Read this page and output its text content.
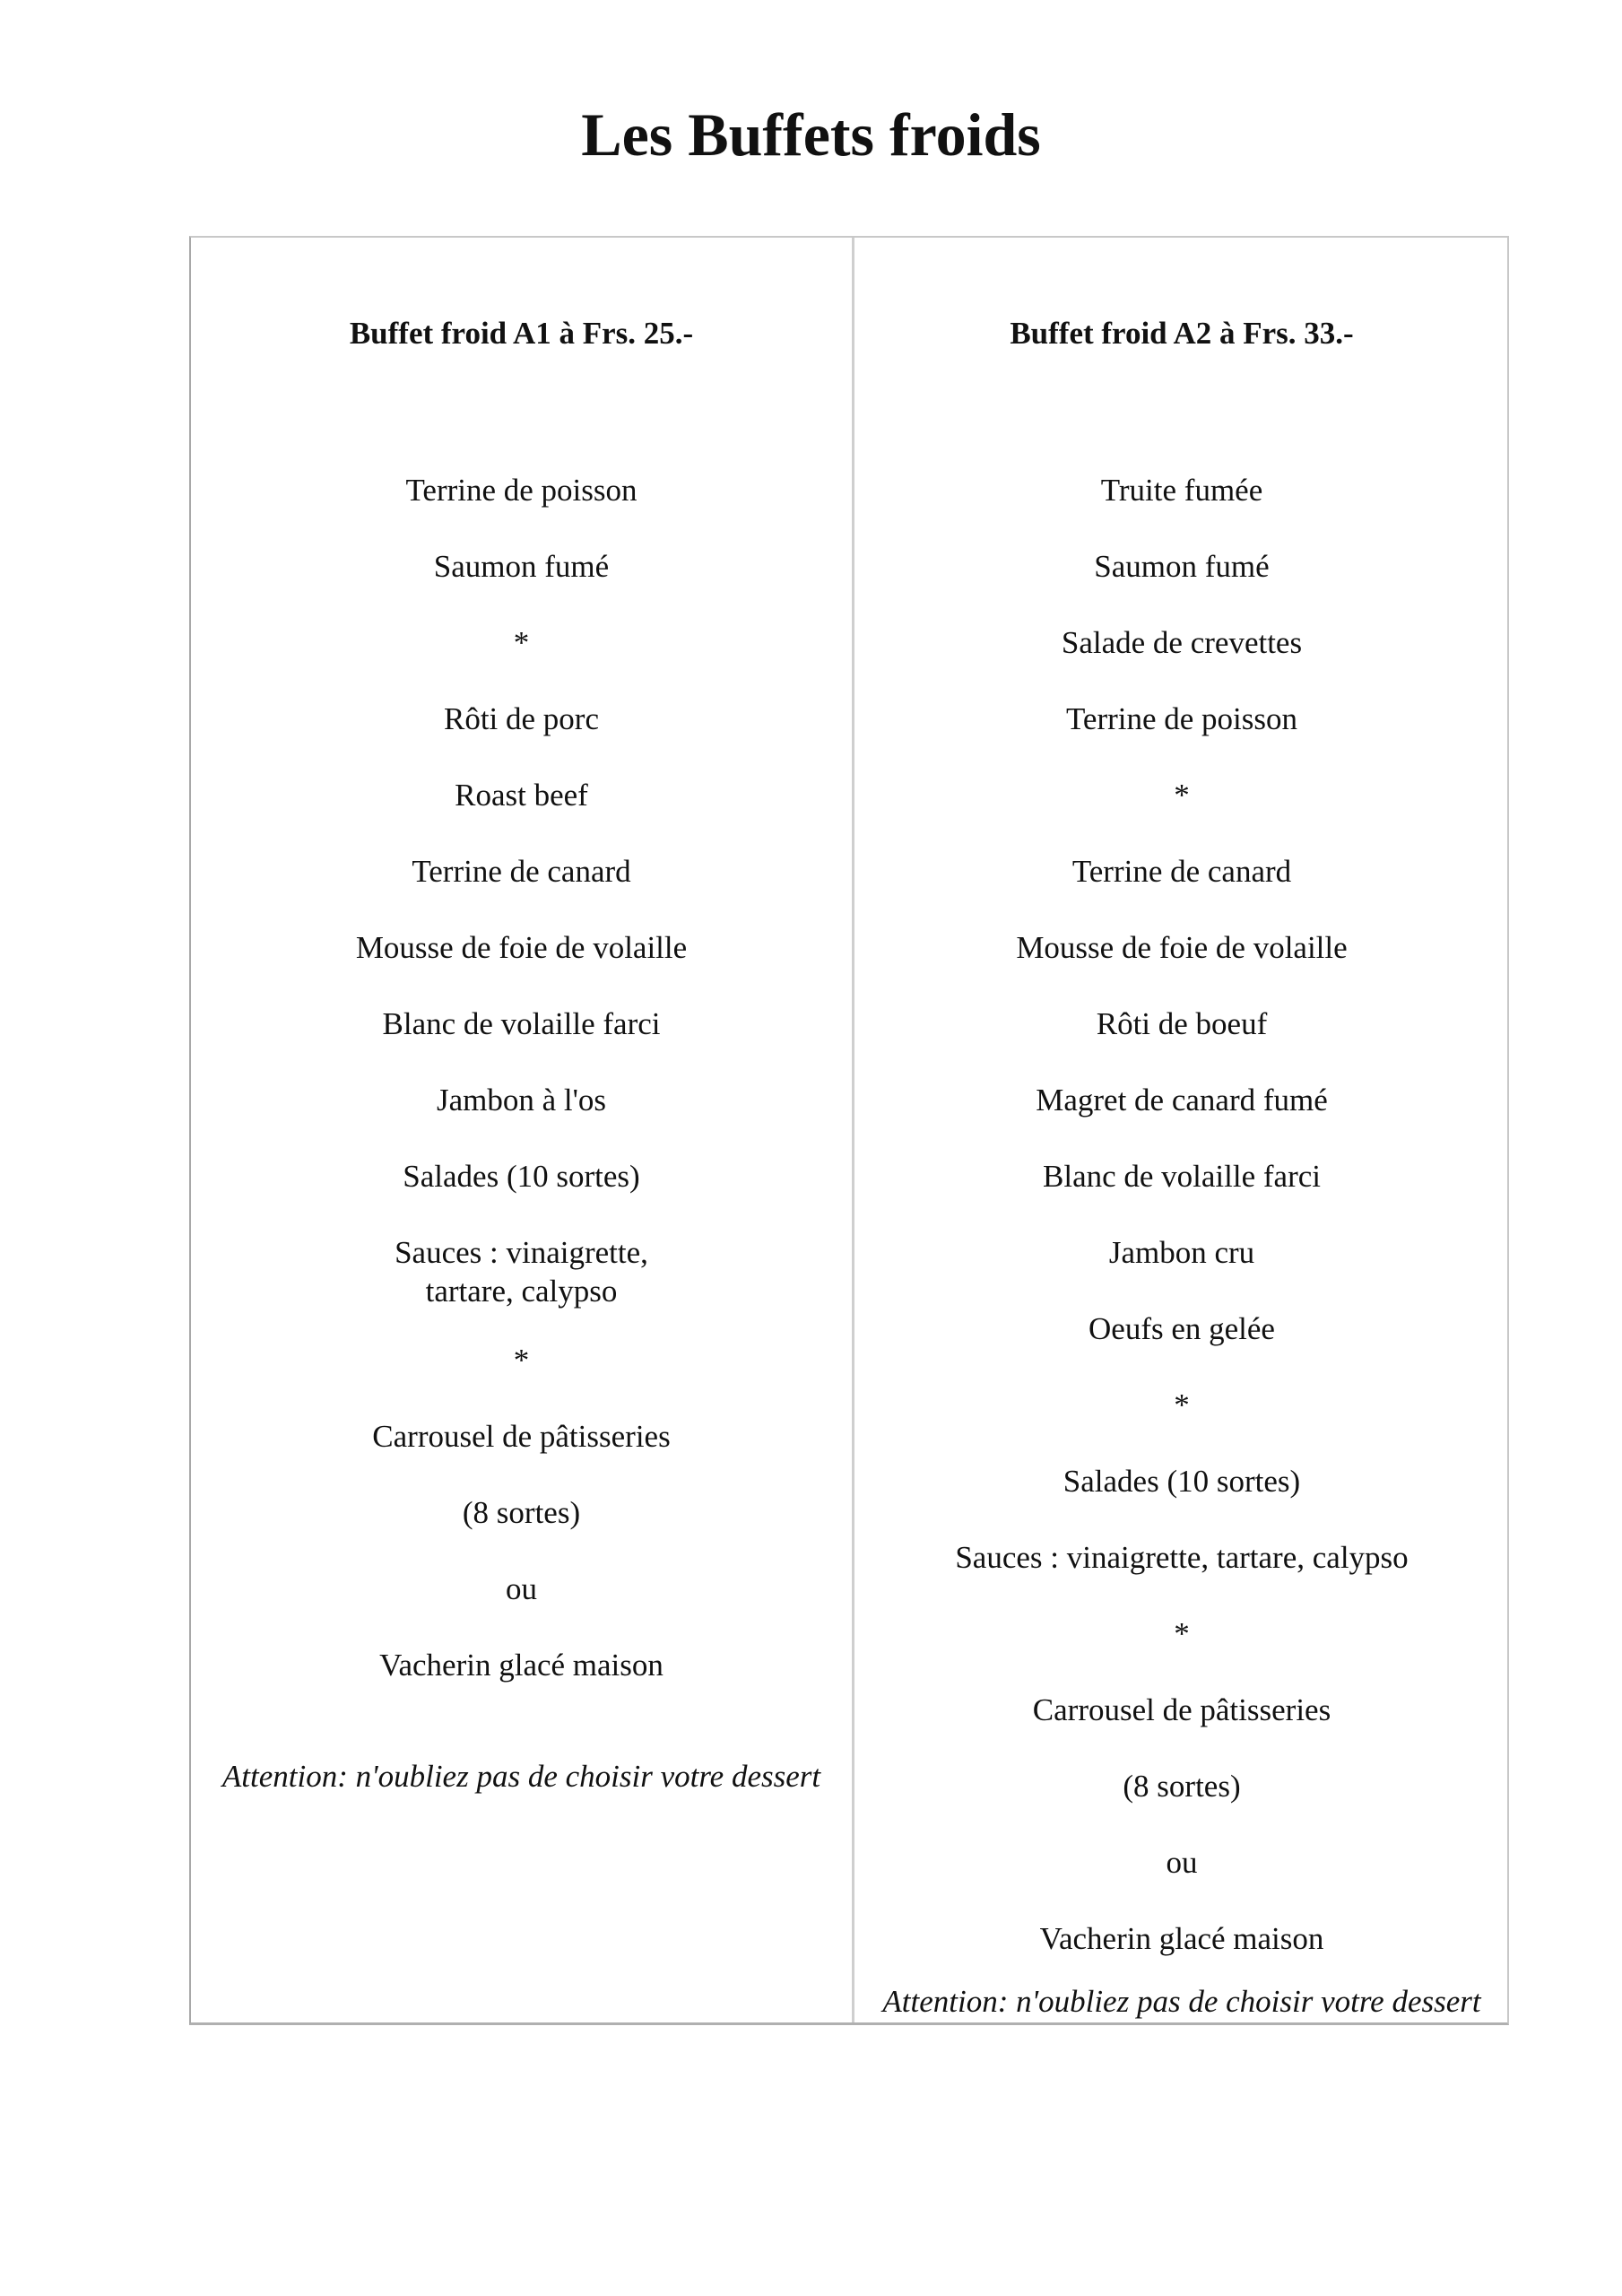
Les Buffets froids
Buffet froid A1 à Frs. 25.-
Terrine de poisson
Saumon fumé
*
Rôti de porc
Roast beef
Terrine de canard
Mousse de foie de volaille
Blanc de volaille farci
Jambon à l'os
Salades (10 sortes)
Sauces : vinaigrette,
tartare, calypso
*
Carrousel de pâtisseries
(8 sortes)
ou
Vacherin glacé maison

Attention: n'oubliez pas de choisir votre dessert

Buffet froid A2 à Frs. 33.-
Truite fumée
Saumon fumé
Salade de crevettes
Terrine de poisson
*
Terrine de canard
Mousse de foie de volaille
Rôti de boeuf
Magret de canard fumé
Blanc de volaille farci
Jambon cru
Oeufs en gelée
*
Salades (10 sortes)
Sauces : vinaigrette, tartare, calypso
*
Carrousel de pâtisseries
(8 sortes)
ou
Vacherin glacé maison

Attention: n'oubliez pas de choisir votre dessert
